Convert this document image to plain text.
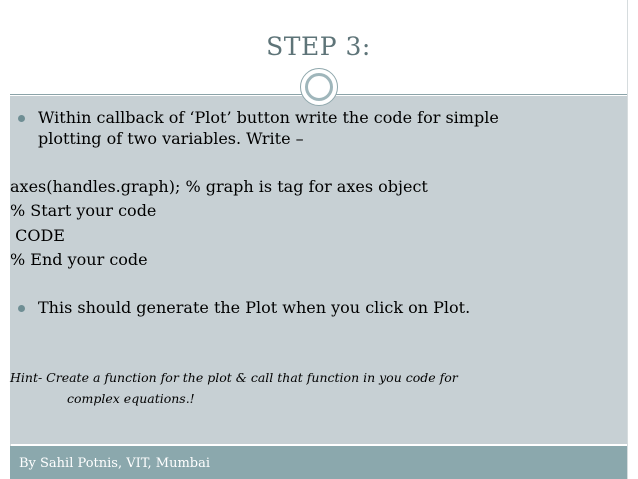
STEP 3:
Within callback of ‘Plot’ button write the code for simple
plotting of two variables. Write –
axes(handles.graph); % graph is tag for axes object
% Start your code
CODE
% End your code
This should generate the Plot when you click on Plot.
Hint- Create a function for the plot & call that function in you code for
complex equations.!
By Sahil Potnis, VIT, Mumbai
